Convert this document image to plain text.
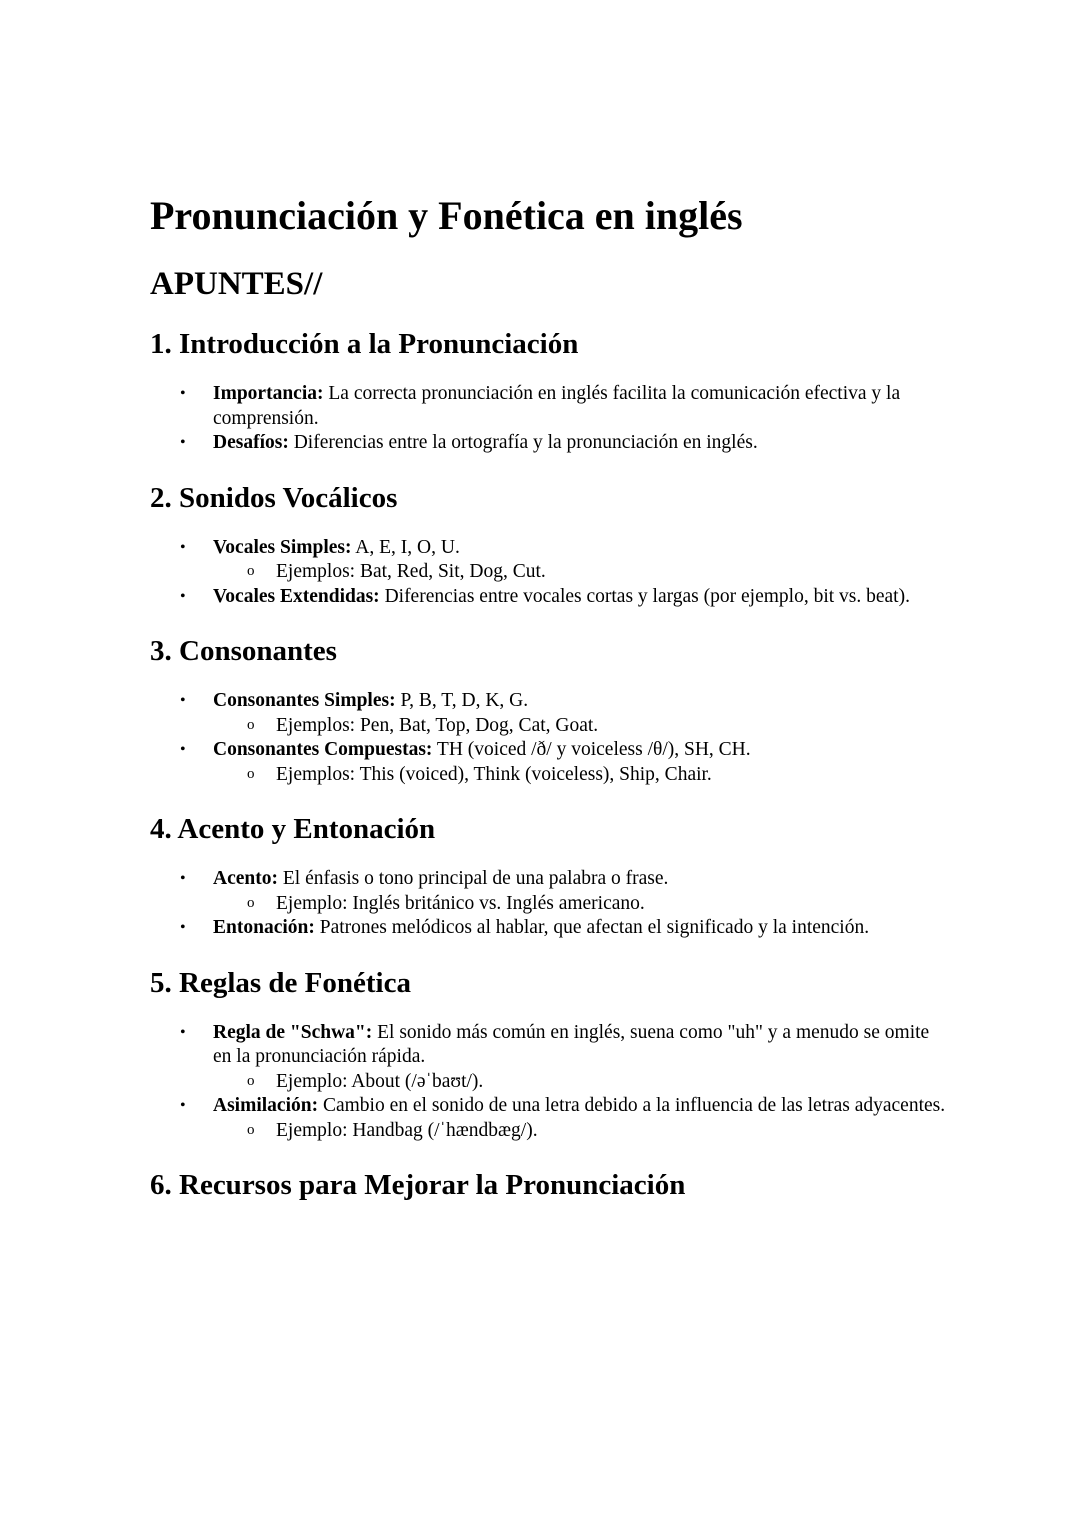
Pronunciación y Fonética en inglés
APUNTES//
1. Introducción a la Pronunciación
• Importancia: La correcta pronunciación en inglés facilita la comunicación efectiva y la comprensión.
• Desafíos: Diferencias entre la ortografía y la pronunciación en inglés.
2. Sonidos Vocálicos
• Vocales Simples: A, E, I, O, U.
o Ejemplos: Bat, Red, Sit, Dog, Cut.
• Vocales Extendidas: Diferencias entre vocales cortas y largas (por ejemplo, bit vs. beat).
3. Consonantes
• Consonantes Simples: P, B, T, D, K, G.
o Ejemplos: Pen, Bat, Top, Dog, Cat, Goat.
• Consonantes Compuestas: TH (voiced /ð/ y voiceless /θ/), SH, CH.
o Ejemplos: This (voiced), Think (voiceless), Ship, Chair.
4. Acento y Entonación
• Acento: El énfasis o tono principal de una palabra o frase.
o Ejemplo: Inglés británico vs. Inglés americano.
• Entonación: Patrones melódicos al hablar, que afectan el significado y la intención.
5. Reglas de Fonética
• Regla de "Schwa": El sonido más común en inglés, suena como "uh" y a menudo se omite en la pronunciación rápida.
o Ejemplo: About (/əˈbaʊt/).
• Asimilación: Cambio en el sonido de una letra debido a la influencia de las letras adyacentes.
o Ejemplo: Handbag (/ˈhændbæg/).
6. Recursos para Mejorar la Pronunciación
